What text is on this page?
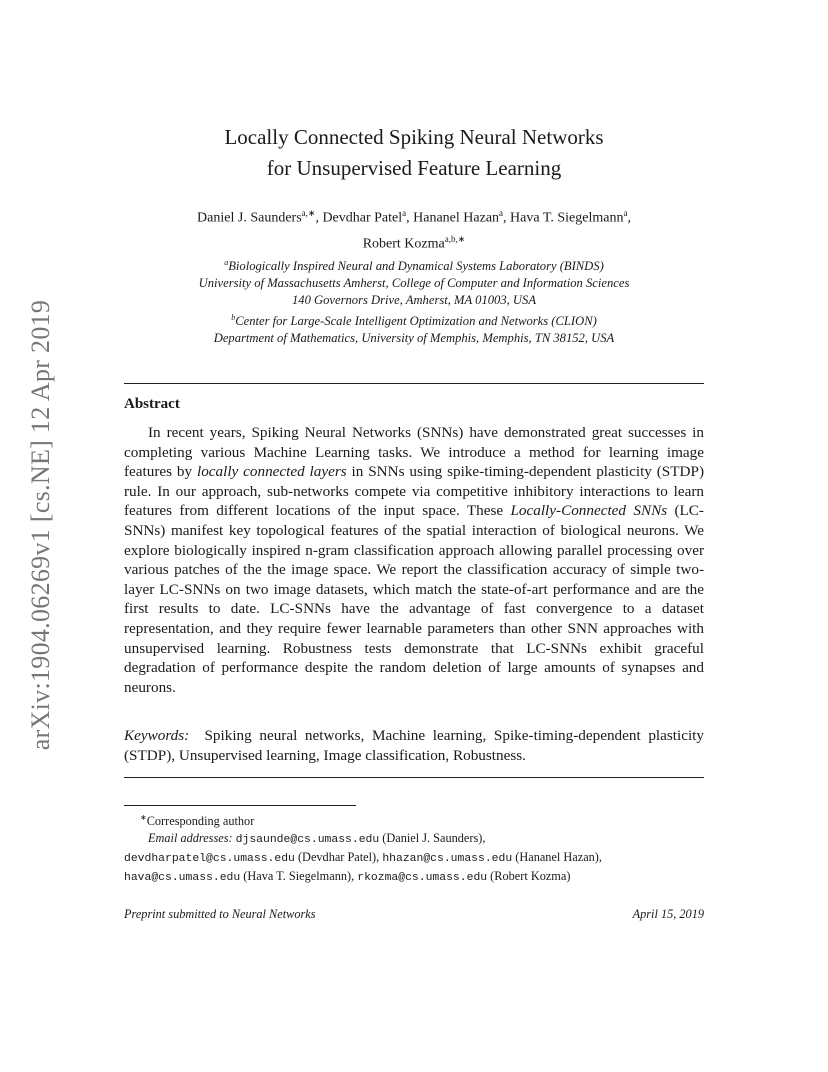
arXiv:1904.06269v1 [cs.NE] 12 Apr 2019
Locally Connected Spiking Neural Networks
for Unsupervised Feature Learning
Daniel J. Saunders$^{a,∗}$, Devdhar Patel$^a$, Hananel Hazan$^a$, Hava T. Siegelmann$^a$,
Robert Kozma$^{a,b,∗}$
$^a$Biologically Inspired Neural and Dynamical Systems Laboratory (BINDS)
University of Massachusetts Amherst, College of Computer and Information Sciences
140 Governors Drive, Amherst, MA 01003, USA
$^b$Center for Large-Scale Intelligent Optimization and Networks (CLION)
Department of Mathematics, University of Memphis, Memphis, TN 38152, USA
Abstract
In recent years, Spiking Neural Networks (SNNs) have demonstrated great successes in completing various Machine Learning tasks. We introduce a method for learning image features by locally connected layers in SNNs using spike-timing-dependent plasticity (STDP) rule. In our approach, sub-networks compete via competitive inhibitory interactions to learn features from different locations of the input space. These Locally-Connected SNNs (LC-SNNs) manifest key topological features of the spatial interaction of biological neurons. We explore biologically inspired n-gram classification approach allowing parallel processing over various patches of the the image space. We report the classification accuracy of simple two-layer LC-SNNs on two image datasets, which match the state-of-art performance and are the first results to date. LC-SNNs have the advantage of fast convergence to a dataset representation, and they require fewer learnable parameters than other SNN approaches with unsupervised learning. Robustness tests demonstrate that LC-SNNs exhibit graceful degradation of performance despite the random deletion of large amounts of synapses and neurons.
Keywords: Spiking neural networks, Machine learning, Spike-timing-dependent plasticity (STDP), Unsupervised learning, Image classification, Robustness.
∗Corresponding author
Email addresses: djsaunde@cs.umass.edu (Daniel J. Saunders),
devdharpatel@cs.umass.edu (Devdhar Patel), hhazan@cs.umass.edu (Hananel Hazan),
hava@cs.umass.edu (Hava T. Siegelmann), rkozma@cs.umass.edu (Robert Kozma)
Preprint submitted to Neural Networks	April 15, 2019
